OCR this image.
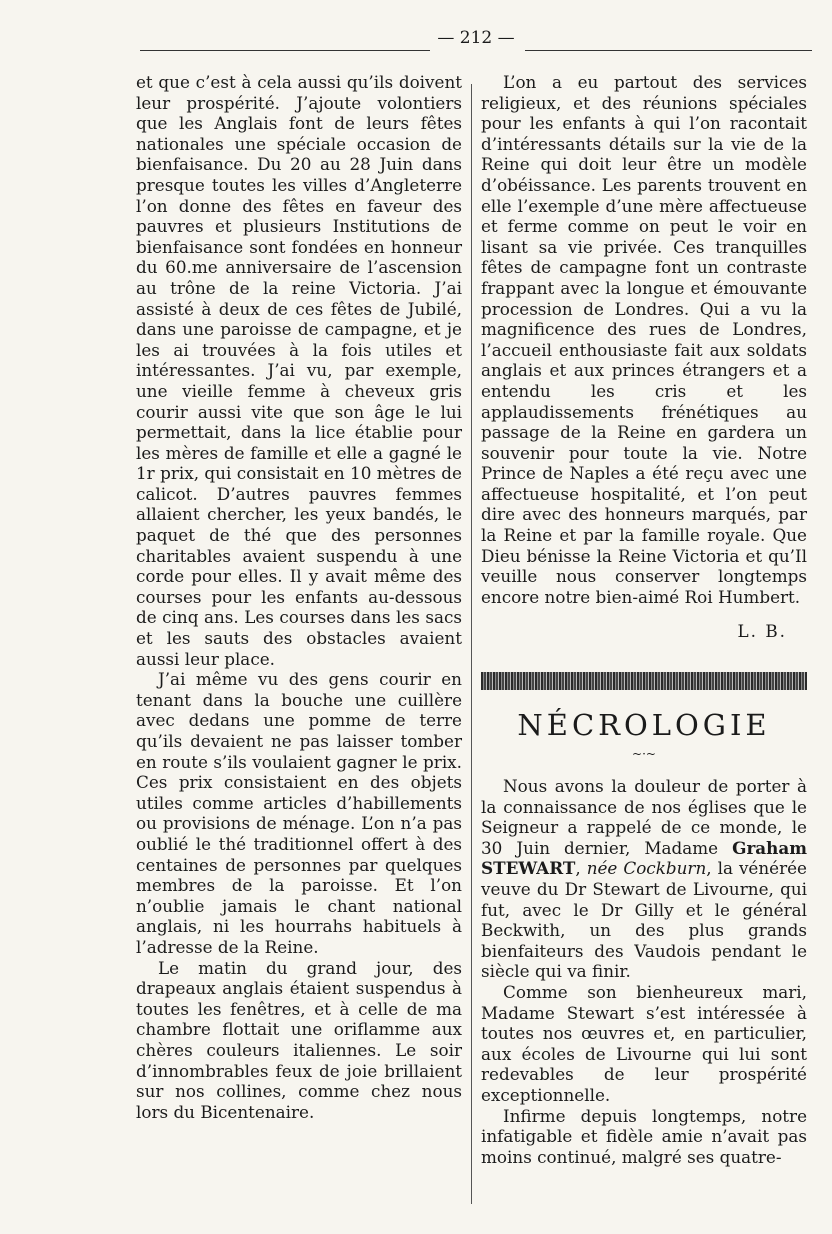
— 212 —

et que c’est à cela aussi qu’ils doivent leur prospérité. J’ajoute volontiers que les Anglais font de leurs fêtes nationales une spéciale occasion de bienfaisance. Du 20 au 28 Juin dans presque toutes les villes d’Angleterre l’on donne des fêtes en faveur des pauvres et plusieurs Institutions de bienfaisance sont fondées en honneur du 60.me anniversaire de l’ascension au trône de la reine Victoria. J’ai assisté à deux de ces fêtes de Jubilé, dans une paroisse de campagne, et je les ai trouvées à la fois utiles et intéressantes. J’ai vu, par exemple, une vieille femme à cheveux gris courir aussi vite que son âge le lui permettait, dans la lice établie pour les mères de famille et elle a gagné le 1r prix, qui consistait en 10 mètres de calicot. D’autres pauvres femmes allaient chercher, les yeux bandés, le paquet de thé que des personnes charitables avaient suspendu à une corde pour elles. Il y avait même des courses pour les enfants au-dessous de cinq ans. Les courses dans les sacs et les sauts des obstacles avaient aussi leur place.

J’ai même vu des gens courir en tenant dans la bouche une cuillère avec dedans une pomme de terre qu’ils devaient ne pas laisser tomber en route s’ils voulaient gagner le prix. Ces prix consistaient en des objets utiles comme articles d’habillements ou provisions de ménage. L’on n’a pas oublié le thé traditionnel offert à des centaines de personnes par quelques membres de la paroisse. Et l’on n’oublie jamais le chant national anglais, ni les hourrahs habituels à l’adresse de la Reine.

Le matin du grand jour, des drapeaux anglais étaient suspendus à toutes les fenêtres, et à celle de ma chambre flottait une oriflamme aux chères couleurs italiennes. Le soir d’innombrables feux de joie brillaient sur nos collines, comme chez nous lors du Bicentenaire.

L’on a eu partout des services religieux, et des réunions spéciales pour les enfants à qui l’on racontait d’intéressants détails sur la vie de la Reine qui doit leur être un modèle d’obéissance. Les parents trouvent en elle l’exemple d’une mère affectueuse et ferme comme on peut le voir en lisant sa vie privée. Ces tranquilles fêtes de campagne font un contraste frappant avec la longue et émouvante procession de Londres. Qui a vu la magnificence des rues de Londres, l’accueil enthousiaste fait aux soldats anglais et aux princes étrangers et a entendu les cris et les applaudissements frénétiques au passage de la Reine en gardera un souvenir pour toute la vie. Notre Prince de Naples a été reçu avec une affectueuse hospitalité, et l’on peut dire avec des honneurs marqués, par la Reine et par la famille royale. Que Dieu bénisse la Reine Victoria et qu’Il veuille nous conserver longtemps encore notre bien-aimé Roi Humbert.

L. B.
NÉCROLOGIE
~·~

Nous avons la douleur de porter à la connaissance de nos églises que le Seigneur a rappelé de ce monde, le 30 Juin dernier, Madame Graham STEWART, née Cockburn, la vénérée veuve du Dr Stewart de Livourne, qui fut, avec le Dr Gilly et le général Beckwith, un des plus grands bienfaiteurs des Vaudois pendant le siècle qui va finir.

Comme son bienheureux mari, Madame Stewart s’est intéressée à toutes nos œuvres et, en particulier, aux écoles de Livourne qui lui sont redevables de leur prospérité exceptionnelle.

Infirme depuis longtemps, notre infatigable et fidèle amie n’avait pas moins continué, malgré ses quatre-
